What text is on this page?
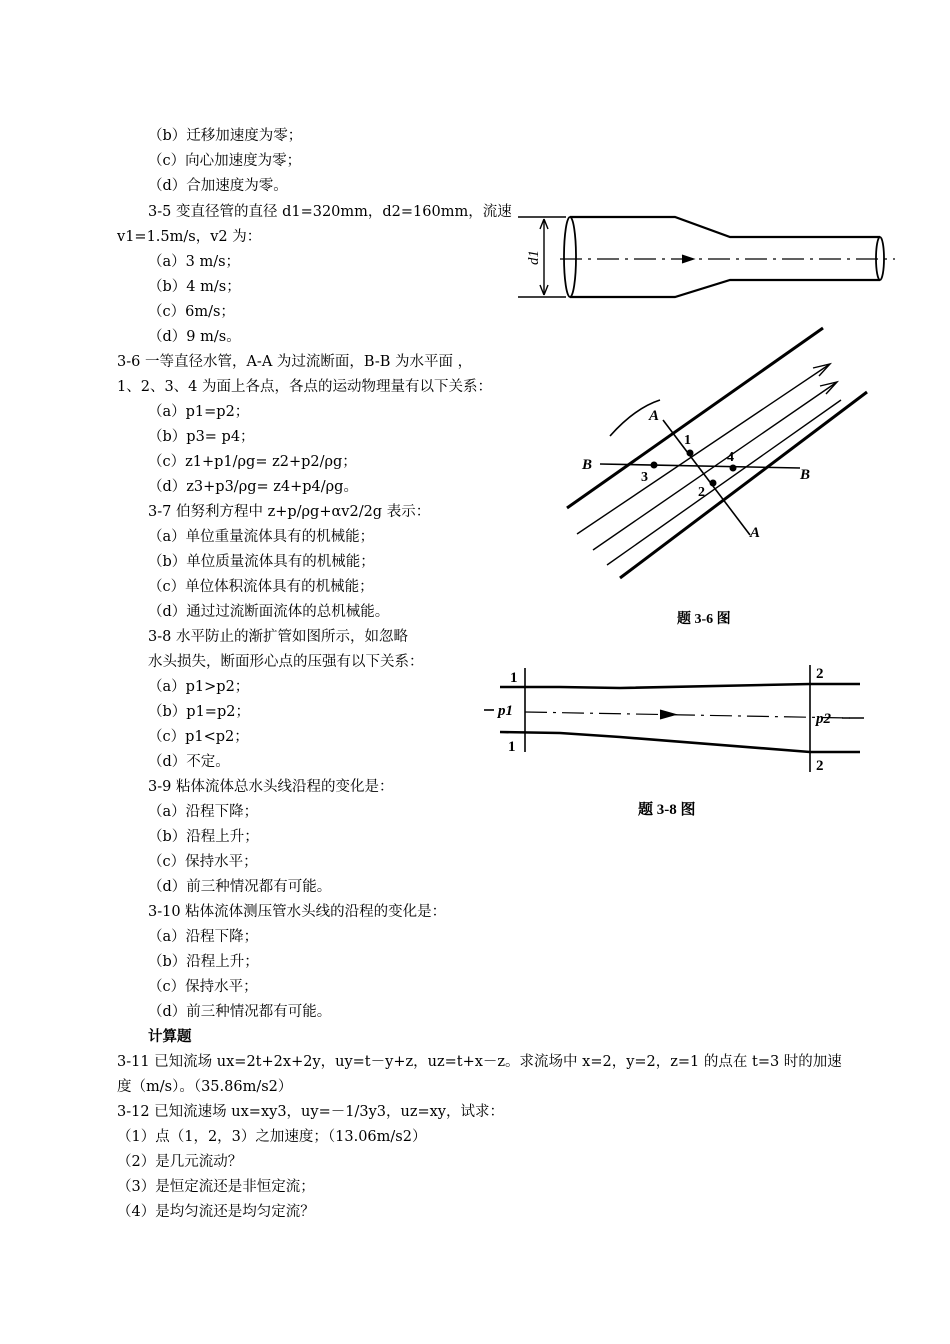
（b）迁移加速度为零；
（c）向心加速度为零；
（d）合加速度为零。
3-5 变直径管的直径 d1=320mm，d2=160mm，流速
v1=1.5m/s，v2 为：
（a）3 m/s；
（b）4 m/s；
（c）6m/s；
（d）9 m/s。
3-6 一等直径水管，A-A 为过流断面，B-B 为水平面 ，
1、2、3、4 为面上各点，各点的运动物理量有以下关系：
（a）p1=p2；
（b）p3= p4；
（c）z1+p1/ρg= z2+p2/ρg；
（d）z3+p3/ρg= z4+p4/ρg。
3-7 伯努利方程中 z+p/ρg+αv2/2g 表示：
（a）单位重量流体具有的机械能；
（b）单位质量流体具有的机械能；
（c）单位体积流体具有的机械能；
（d）通过过流断面流体的总机械能。
3-8 水平防止的渐扩管如图所示，如忽略
水头损失，断面形心点的压强有以下关系：
（a）p1>p2；
（b）p1=p2；
（c）p1<p2；
（d）不定。
3-9 粘体流体总水头线沿程的变化是：
（a）沿程下降；
（b）沿程上升；
（c）保持水平；
（d）前三种情况都有可能。
3-10 粘体流体测压管水头线的沿程的变化是：
（a）沿程下降；
（b）沿程上升；
（c）保持水平；
（d）前三种情况都有可能。
计算题
3-11 已知流场 ux=2t+2x+2y，uy=t－y+z，uz=t+x－z。求流场中 x=2，y=2，z=1 的点在 t=3 时的加速
度（m/s）。（35.86m/s2）
3-12 已知流速场 ux=xy3，uy=－1/3y3，uz=xy，试求：
（1）点（1，2，3）之加速度；（13.06m/s2）
（2）是几元流动？
（3）是恒定流还是非恒定流；
（4）是均匀流还是均匀定流？
d1
A
A
B
B
1
2
3
4
题 3-6 图
1
1
2
2
p1	p2
题 3-8 图
